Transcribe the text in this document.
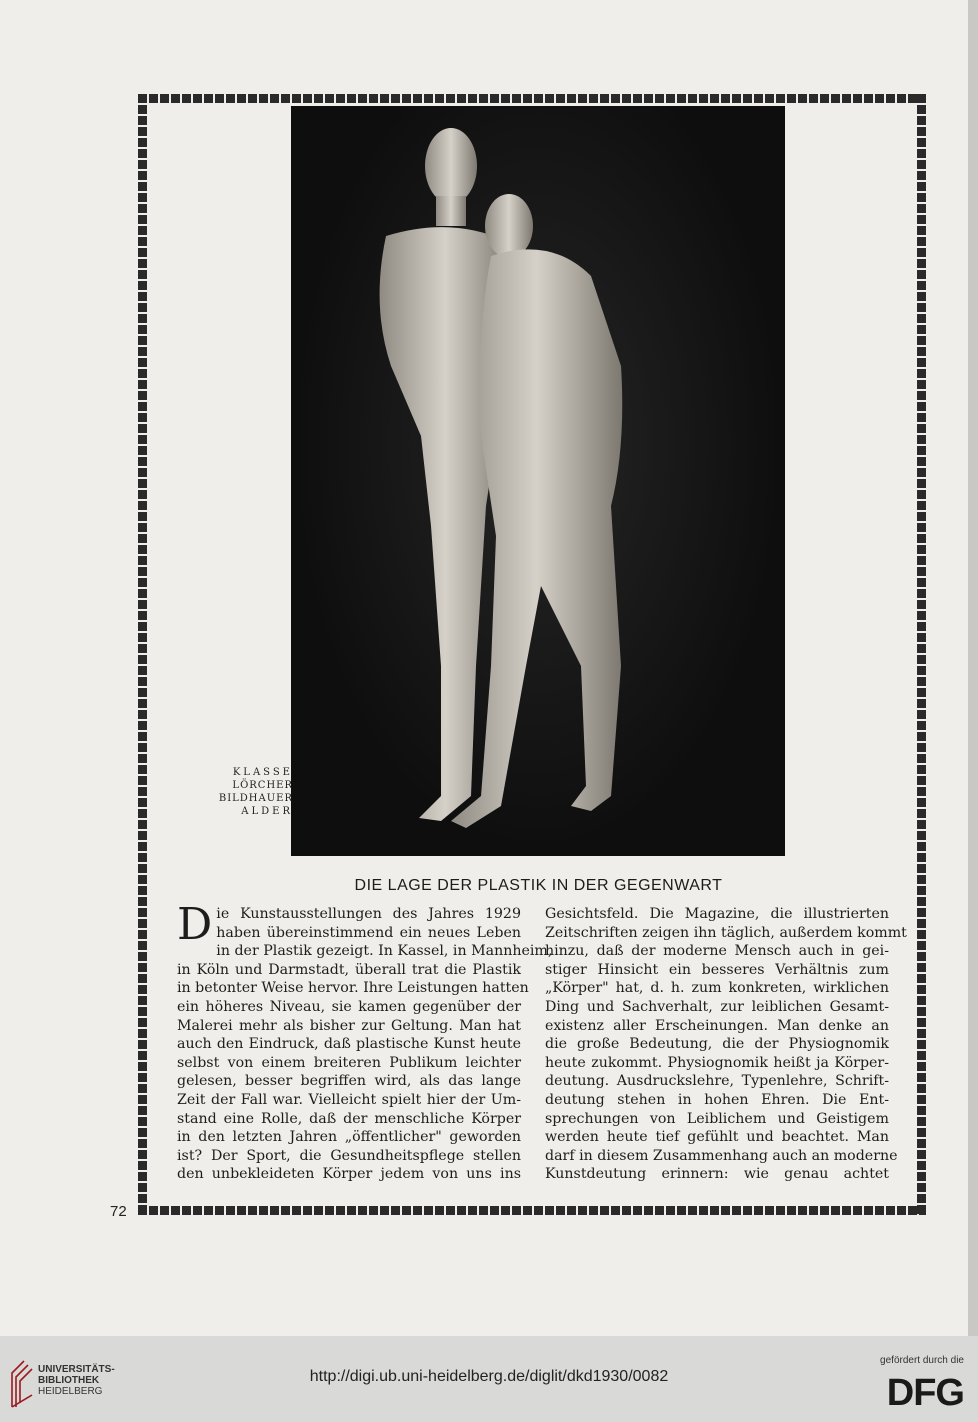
KLASSE
LÖRCHER
BILDHAUER
ALDER
DIE LAGE DER PLASTIK IN DER GEGENWART
D ie Kunstausstellungen des Jahres 1929
haben übereinstimmend ein neues Leben
in der Plastik gezeigt. In Kassel, in Mannheim,
in Köln und Darmstadt, überall trat die Plastik
in betonter Weise hervor. Ihre Leistungen hatten
ein höheres Niveau, sie kamen gegenüber der
Malerei mehr als bisher zur Geltung. Man hat
auch den Eindruck, daß plastische Kunst heute
selbst von einem breiteren Publikum leichter
gelesen, besser begriffen wird, als das lange
Zeit der Fall war. Vielleicht spielt hier der Um-
stand eine Rolle, daß der menschliche Körper
in den letzten Jahren „öffentlicher" geworden
ist? Der Sport, die Gesundheitspflege stellen
den unbekleideten Körper jedem von uns ins
Gesichtsfeld. Die Magazine, die illustrierten
Zeitschriften zeigen ihn täglich, außerdem kommt
hinzu, daß der moderne Mensch auch in gei-
stiger Hinsicht ein besseres Verhältnis zum
„Körper" hat, d. h. zum konkreten, wirklichen
Ding und Sachverhalt, zur leiblichen Gesamt-
existenz aller Erscheinungen. Man denke an
die große Bedeutung, die der Physiognomik
heute zukommt. Physiognomik heißt ja Körper-
deutung. Ausdruckslehre, Typenlehre, Schrift-
deutung stehen in hohen Ehren. Die Ent-
sprechungen von Leiblichem und Geistigem
werden heute tief gefühlt und beachtet. Man
darf in diesem Zusammenhang auch an moderne
Kunstdeutung erinnern: wie genau achtet
72
UNIVERSITÄTS-
BIBLIOTHEK
HEIDELBERG
http://digi.ub.uni-heidelberg.de/diglit/dkd1930/0082
gefördert durch die
DFG
